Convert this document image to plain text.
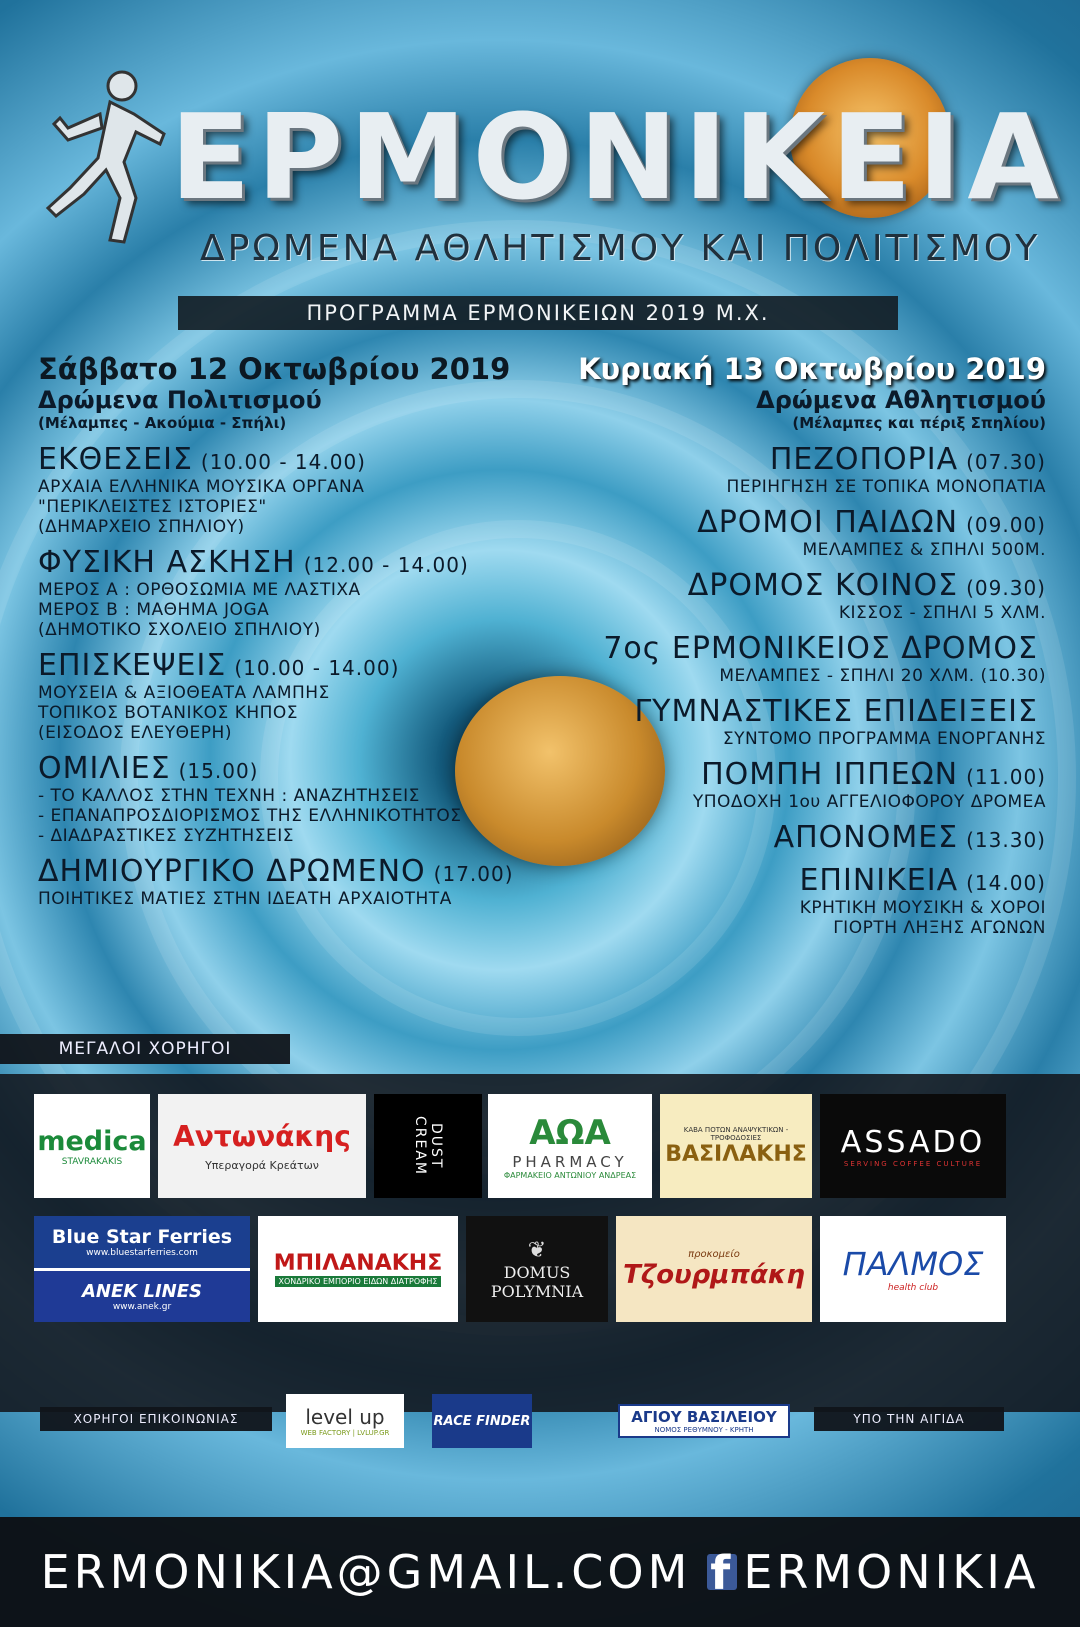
ΕΡΜΟΝΙΚΕΙΑ
ΔΡΩΜΕΝΑ ΑΘΛΗΤΙΣΜΟΥ ΚΑΙ ΠΟΛΙΤΙΣΜΟΥ
ΠΡΟΓΡΑΜΜΑ ΕΡΜΟΝΙΚΕΙΩΝ 2019 Μ.Χ.
Σάββατο 12 Οκτωβρίου 2019
Δρώμενα Πολιτισμού
(Μέλαμπες - Ακούμια - Σπήλι)
ΕΚΘΕΣΕΙΣ (10.00 - 14.00)
ΑΡΧΑΙΑ ΕΛΛΗΝΙΚΑ ΜΟΥΣΙΚΑ ΟΡΓΑΝΑ
"ΠΕΡΙΚΛΕΙΣΤΕΣ ΙΣΤΟΡΙΕΣ"
(ΔΗΜΑΡΧΕΙΟ ΣΠΗΛΙΟΥ)
ΦΥΣΙΚΗ ΑΣΚΗΣΗ (12.00 - 14.00)
ΜΕΡΟΣ Α : ΟΡΘΟΣΩΜΙΑ ΜΕ ΛΑΣΤΙΧΑ
ΜΕΡΟΣ Β : ΜΑΘΗΜΑ JOGA
(ΔΗΜΟΤΙΚΟ ΣΧΟΛΕΙΟ ΣΠΗΛΙΟΥ)
ΕΠΙΣΚΕΨΕΙΣ (10.00 - 14.00)
ΜΟΥΣΕΙΑ & ΑΞΙΟΘΕΑΤΑ ΛΑΜΠΗΣ
ΤΟΠΙΚΟΣ ΒΟΤΑΝΙΚΟΣ ΚΗΠΟΣ
(ΕΙΣΟΔΟΣ ΕΛΕΥΘΕΡΗ)
ΟΜΙΛΙΕΣ (15.00)
- ΤΟ ΚΑΛΛΟΣ ΣΤΗΝ ΤΕΧΝΗ : ΑΝΑΖΗΤΗΣΕΙΣ
- ΕΠΑΝΑΠΡΟΣΔΙΟΡΙΣΜΟΣ ΤΗΣ ΕΛΛΗΝΙΚΟΤΗΤΟΣ
- ΔΙΑΔΡΑΣΤΙΚΕΣ ΣΥΖΗΤΗΣΕΙΣ
ΔΗΜΙΟΥΡΓΙΚΟ ΔΡΩΜΕΝΟ (17.00)
ΠΟΙΗΤΙΚΕΣ ΜΑΤΙΕΣ ΣΤΗΝ ΙΔΕΑΤΗ ΑΡΧΑΙΟΤΗΤΑ
Κυριακή 13 Οκτωβρίου 2019
Δρώμενα Αθλητισμού
(Μέλαμπες και πέριξ Σπηλίου)
ΠΕΖΟΠΟΡΙΑ (07.30)
ΠΕΡΙΗΓΗΣΗ ΣΕ ΤΟΠΙΚΑ ΜΟΝΟΠΑΤΙΑ
ΔΡΟΜΟΙ ΠΑΙΔΩΝ (09.00)
ΜΕΛΑΜΠΕΣ & ΣΠΗΛΙ 500Μ.
ΔΡΟΜΟΣ ΚΟΙΝΟΣ (09.30)
ΚΙΣΣΟΣ - ΣΠΗΛΙ 5 ΧΛΜ.
7ος ΕΡΜΟΝΙΚΕΙΟΣ ΔΡΟΜΟΣ
ΜΕΛΑΜΠΕΣ - ΣΠΗΛΙ 20 ΧΛΜ. (10.30)
ΓΥΜΝΑΣΤΙΚΕΣ ΕΠΙΔΕΙΞΕΙΣ
ΣΥΝΤΟΜΟ ΠΡΟΓΡΑΜΜΑ ΕΝΟΡΓΑΝΗΣ
ΠΟΜΠΗ ΙΠΠΕΩΝ (11.00)
ΥΠΟΔΟΧΗ 1ου ΑΓΓΕΛΙΟΦΟΡΟΥ ΔΡΟΜΕΑ
ΑΠΟΝΟΜΕΣ (13.30)
ΕΠΙΝΙΚΕΙΑ (14.00)
ΚΡΗΤΙΚΗ ΜΟΥΣΙΚΗ & ΧΟΡΟΙ
ΓΙΟΡΤΗ ΛΗΞΗΣ ΑΓΩΝΩΝ
ΜΕΓΑΛΟΙ ΧΟΡΗΓΟΙ
medica
STAVRAKAKIS
Αντωνάκης
Υπεραγορά Κρεάτων	DUST CREAM	AΩA
PHARMACY
ΦΑΡΜΑΚΕΙΟ ΑΝΤΩΝΙΟΥ ΑΝΔΡΕΑΣ
ΚΑΒΑ ΠΟΤΩΝ ΑΝΑΨΥΚΤΙΚΩΝ - ΤΡΟΦΟΔΟΣΙΕΣ
ΒΑΣΙΛΑΚΗΣ ASSADO
SERVING COFFEE CULTURE
Blue Star Ferries
www.bluestarferries.com
ANEK LINES
www.anek.gr
ΜΠΙΛΑΝΑΚΗΣ
ΧΟΝΔΡΙΚΟ ΕΜΠΟΡΙΟ ΕΙΔΩΝ ΔΙΑΤΡΟΦΗΣ
❦
DOMUS POLYMNIA
προκομείο
Τζουρμπάκη ΠΑΛΜΟΣ
health club
ΧΟΡΗΓΟΙ ΕΠΙΚΟΙΝΩΝΙΑΣ	level up
WEB FACTORY | LVLUP.GR
RACE FINDER	ΑΓΙΟΥ ΒΑΣΙΛΕΙΟΥ
ΝΟΜΟΣ ΡΕΘΥΜΝΟΥ - ΚΡΗΤΗ
ΥΠΟ ΤΗΝ ΑΙΓΙΔΑ
ERMONIKIA@GMAIL.COM f ERMONIKIA
